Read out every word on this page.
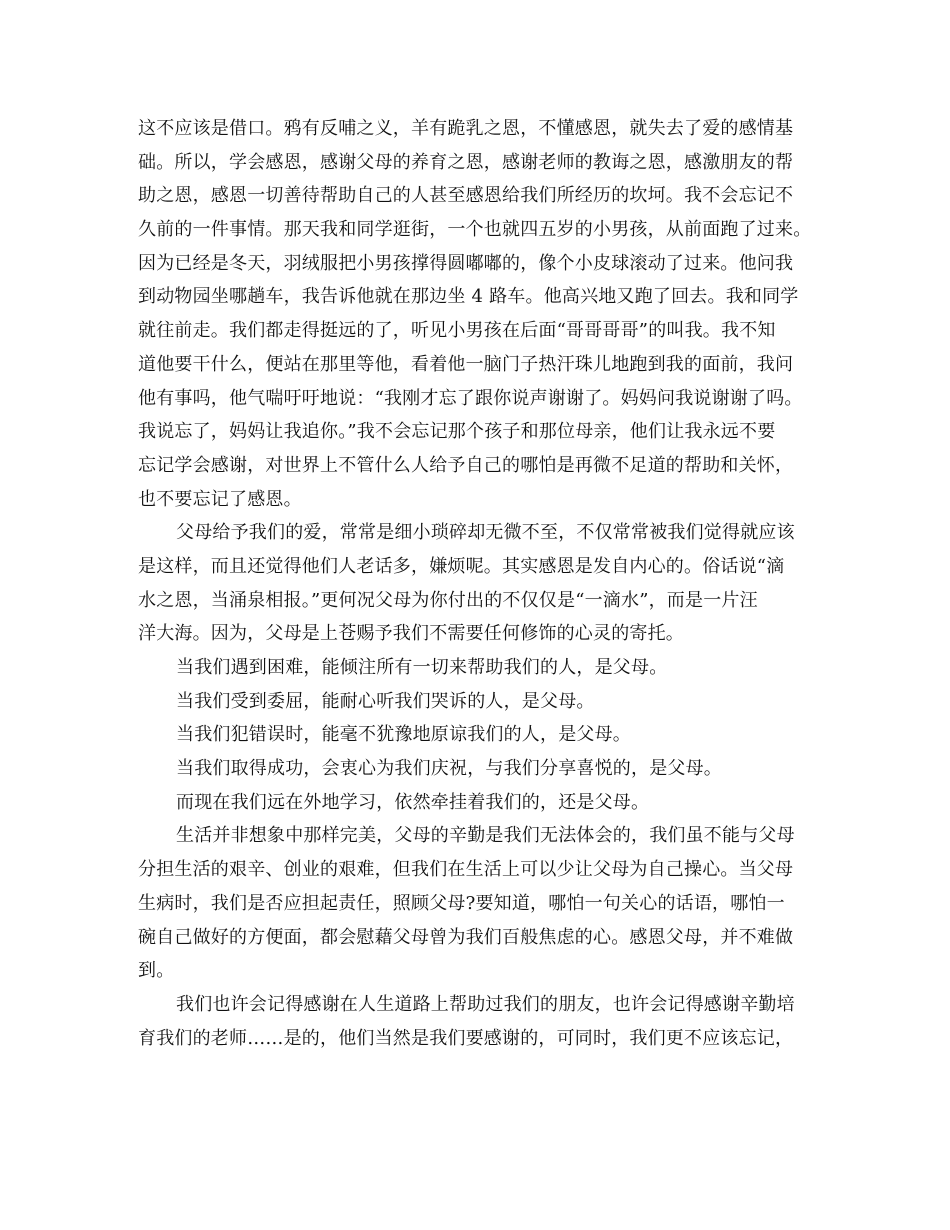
这不应该是借口。鸦有反哺之义，羊有跪乳之恩，不懂感恩，就失去了爱的感情基
础。所以，学会感恩，感谢父母的养育之恩，感谢老师的教诲之恩，感激朋友的帮
助之恩，感恩一切善待帮助自己的人甚至感恩给我们所经历的坎坷。我不会忘记不
久前的一件事情。那天我和同学逛街，一个也就四五岁的小男孩，从前面跑了过来。
因为已经是冬天，羽绒服把小男孩撑得圆嘟嘟的，像个小皮球滚动了过来。他问我
到动物园坐哪趟车，我告诉他就在那边坐 4 路车。他高兴地又跑了回去。我和同学
就往前走。我们都走得挺远的了，听见小男孩在后面“哥哥哥哥”的叫我。我不知
道他要干什么，便站在那里等他，看着他一脑门子热汗珠儿地跑到我的面前，我问
他有事吗，他气喘吁吁地说：“我刚才忘了跟你说声谢谢了。妈妈问我说谢谢了吗。
我说忘了，妈妈让我追你。”我不会忘记那个孩子和那位母亲，他们让我永远不要
忘记学会感谢，对世界上不管什么人给予自己的哪怕是再微不足道的帮助和关怀，
也不要忘记了感恩。
父母给予我们的爱，常常是细小琐碎却无微不至，不仅常常被我们觉得就应该
是这样，而且还觉得他们人老话多，嫌烦呢。其实感恩是发自内心的。俗话说“滴
水之恩，当涌泉相报。”更何况父母为你付出的不仅仅是“一滴水”，而是一片汪
洋大海。因为，父母是上苍赐予我们不需要任何修饰的心灵的寄托。
当我们遇到困难，能倾注所有一切来帮助我们的人，是父母。
当我们受到委屈，能耐心听我们哭诉的人，是父母。
当我们犯错误时，能毫不犹豫地原谅我们的人，是父母。
当我们取得成功，会衷心为我们庆祝，与我们分享喜悦的，是父母。
而现在我们远在外地学习，依然牵挂着我们的，还是父母。
生活并非想象中那样完美，父母的辛勤是我们无法体会的，我们虽不能与父母
分担生活的艰辛、创业的艰难，但我们在生活上可以少让父母为自己操心。当父母
生病时，我们是否应担起责任，照顾父母?要知道，哪怕一句关心的话语，哪怕一
碗自己做好的方便面，都会慰藉父母曾为我们百般焦虑的心。感恩父母，并不难做
到。
我们也许会记得感谢在人生道路上帮助过我们的朋友，也许会记得感谢辛勤培
育我们的老师……是的，他们当然是我们要感谢的，可同时，我们更不应该忘记，
